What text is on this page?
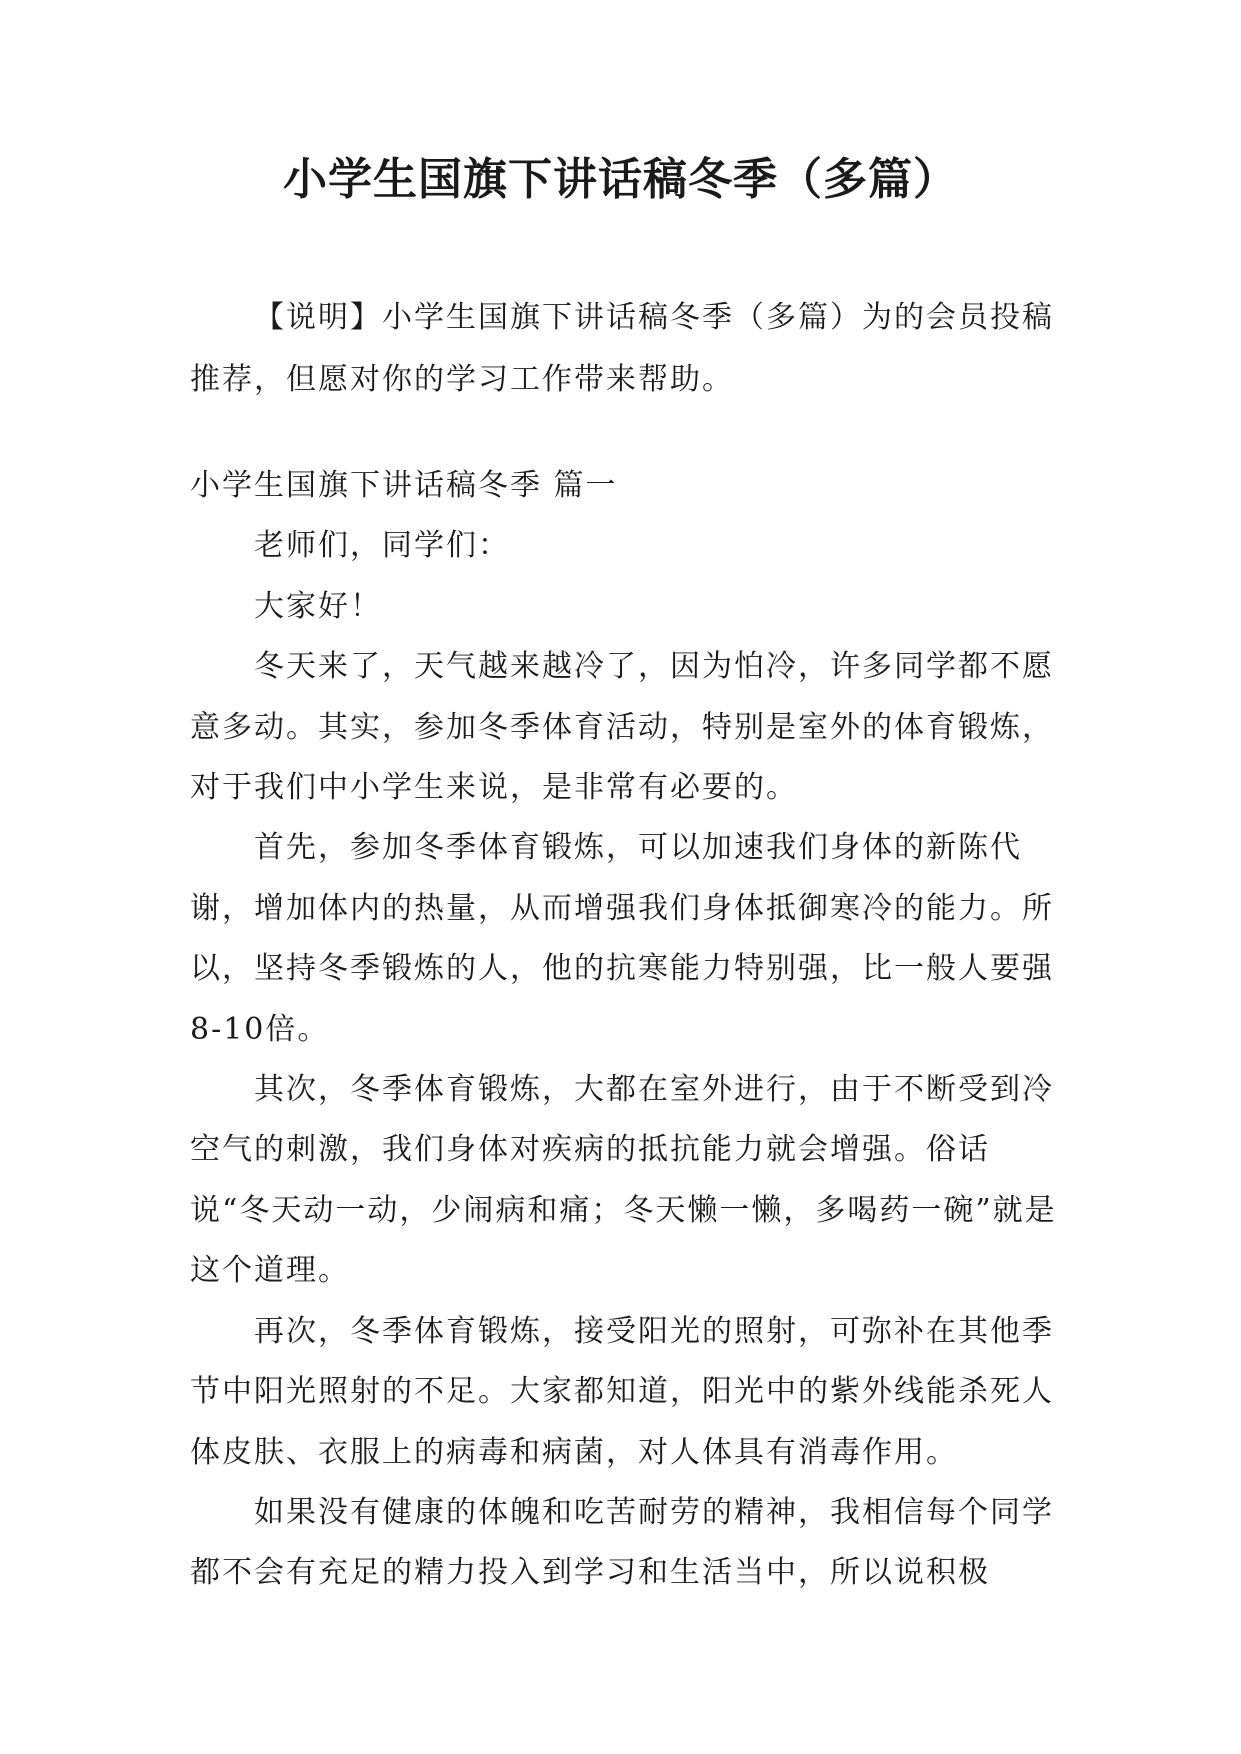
小学生国旗下讲话稿冬季（多篇）

【说明】小学生国旗下讲话稿冬季（多篇）为的会员投稿推荐，但愿对你的学习工作带来帮助。

小学生国旗下讲话稿冬季 篇一

老师们，同学们：

大家好！

冬天来了，天气越来越冷了，因为怕冷，许多同学都不愿意多动。其实，参加冬季体育活动，特别是室外的体育锻炼，对于我们中小学生来说，是非常有必要的。

首先，参加冬季体育锻炼，可以加速我们身体的新陈代谢，增加体内的热量，从而增强我们身体抵御寒冷的能力。所以，坚持冬季锻炼的人，他的抗寒能力特别强，比一般人要强8-10倍。

其次，冬季体育锻炼，大都在室外进行，由于不断受到冷空气的刺激，我们身体对疾病的抵抗能力就会增强。俗话说“冬天动一动，少闹病和痛；冬天懒一懒，多喝药一碗”就是这个道理。

再次，冬季体育锻炼，接受阳光的照射，可弥补在其他季节中阳光照射的不足。大家都知道，阳光中的紫外线能杀死人体皮肤、衣服上的病毒和病菌，对人体具有消毒作用。

如果没有健康的体魄和吃苦耐劳的精神，我相信每个同学都不会有充足的精力投入到学习和生活当中，所以说积极
